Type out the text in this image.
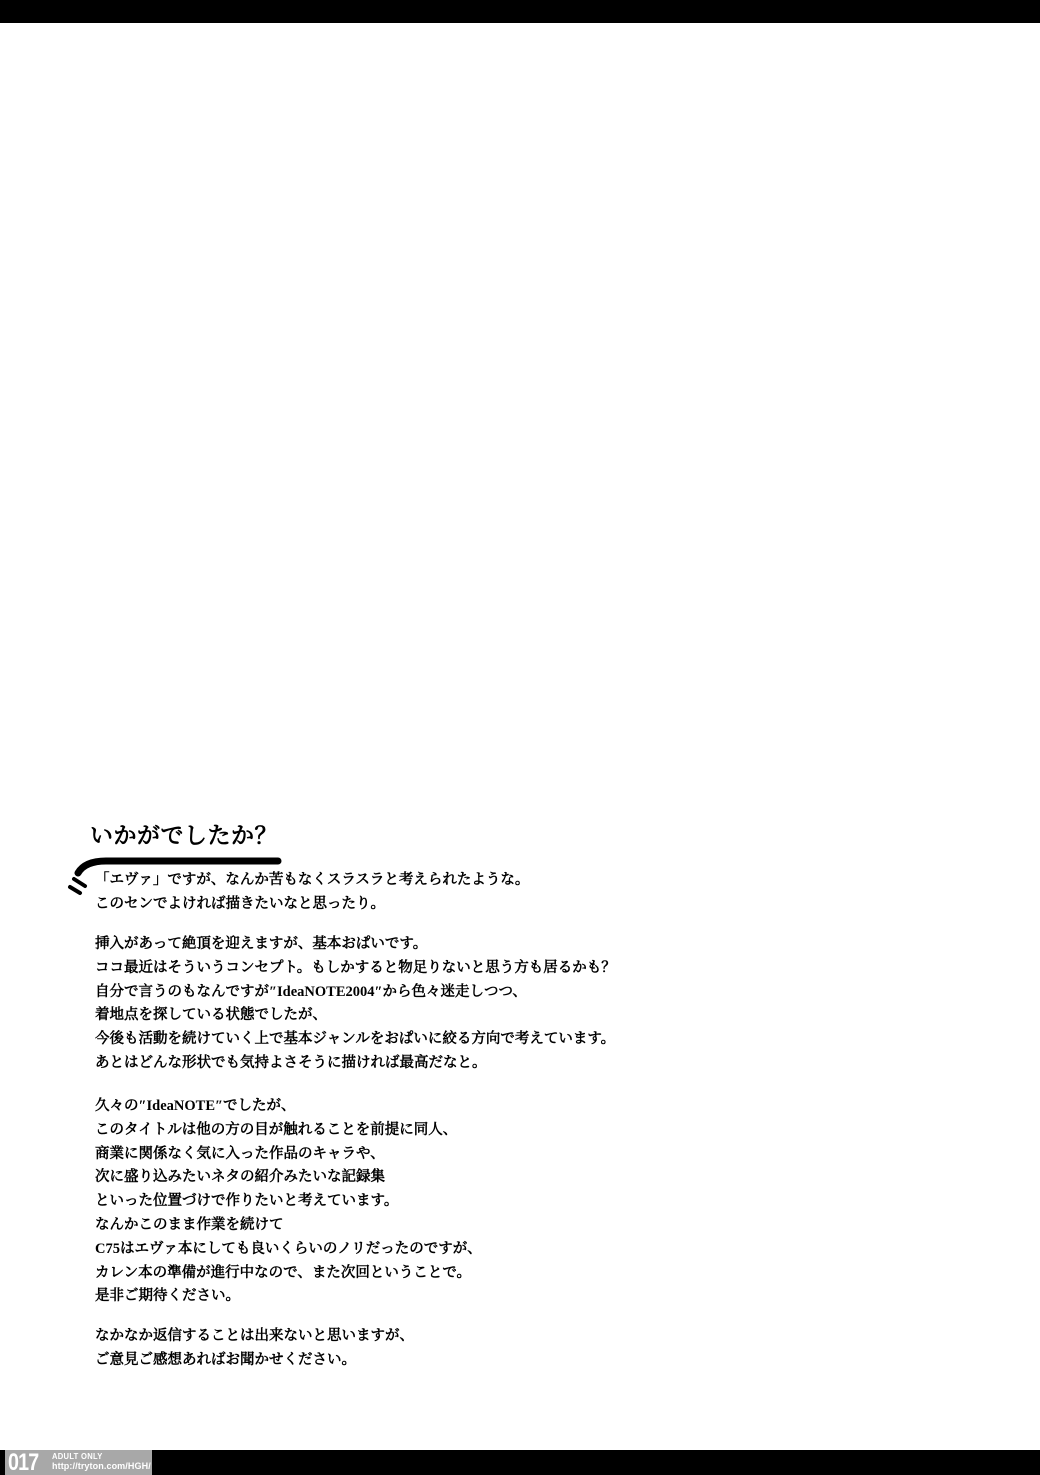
いかがでしたか？
「エヴァ」ですが、なんか苦もなくスラスラと考えられたような。
このセンでよければ描きたいなと思ったり。
挿入があって絶頂を迎えますが、基本おぱいです。
ココ最近はそういうコンセプト。もしかすると物足りないと思う方も居るかも？
自分で言うのもなんですが″IdeaNOTE2004″から色々迷走しつつ、
着地点を探している状態でしたが、
今後も活動を続けていく上で基本ジャンルをおぱいに絞る方向で考えています。
あとはどんな形状でも気持よさそうに描ければ最高だなと。
久々の″IdeaNOTE″でしたが、
このタイトルは他の方の目が触れることを前提に同人、
商業に関係なく気に入った作品のキャラや、
次に盛り込みたいネタの紹介みたいな記録集
といった位置づけで作りたいと考えています。
なんかこのまま作業を続けて
C75はエヴァ本にしても良いくらいのノリだったのですが、
カレン本の準備が進行中なので、また次回ということで。
是非ご期待ください。
なかなか返信することは出来ないと思いますが、
ご意見ご感想あればお聞かせください。
017 ADULT ONLY
http://tryton.com/HGH/
